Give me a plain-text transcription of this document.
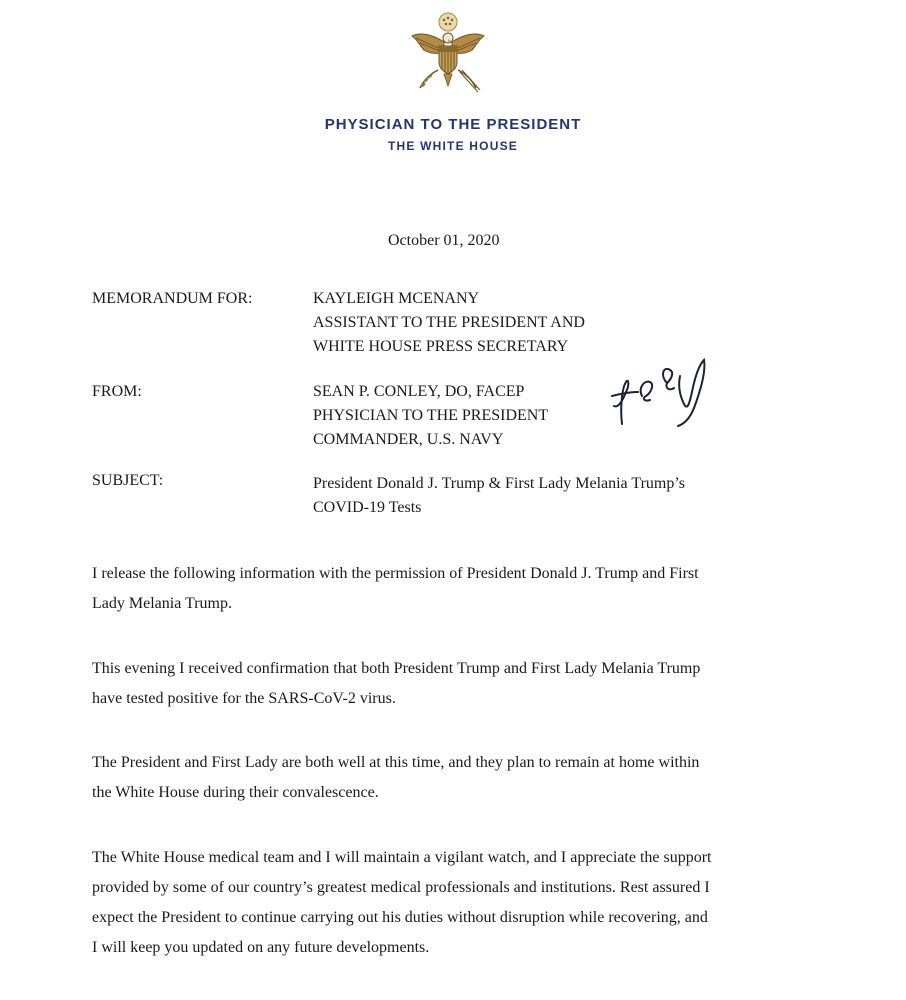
PHYSICIAN TO THE PRESIDENT
THE WHITE HOUSE
October 01, 2020
MEMORANDUM FOR:	KAYLEIGH MCENANY
ASSISTANT TO THE PRESIDENT AND
WHITE HOUSE PRESS SECRETARY
FROM:	SEAN P. CONLEY, DO, FACEP
PHYSICIAN TO THE PRESIDENT
COMMANDER, U.S. NAVY
SUBJECT:	President Donald J. Trump & First Lady Melania Trump’s
COVID-19 Tests
I release the following information with the permission of President Donald J. Trump and First
Lady Melania Trump.
This evening I received confirmation that both President Trump and First Lady Melania Trump
have tested positive for the SARS-CoV-2 virus.
The President and First Lady are both well at this time, and they plan to remain at home within
the White House during their convalescence.
The White House medical team and I will maintain a vigilant watch, and I appreciate the support
provided by some of our country’s greatest medical professionals and institutions. Rest assured I
expect the President to continue carrying out his duties without disruption while recovering, and
I will keep you updated on any future developments.
